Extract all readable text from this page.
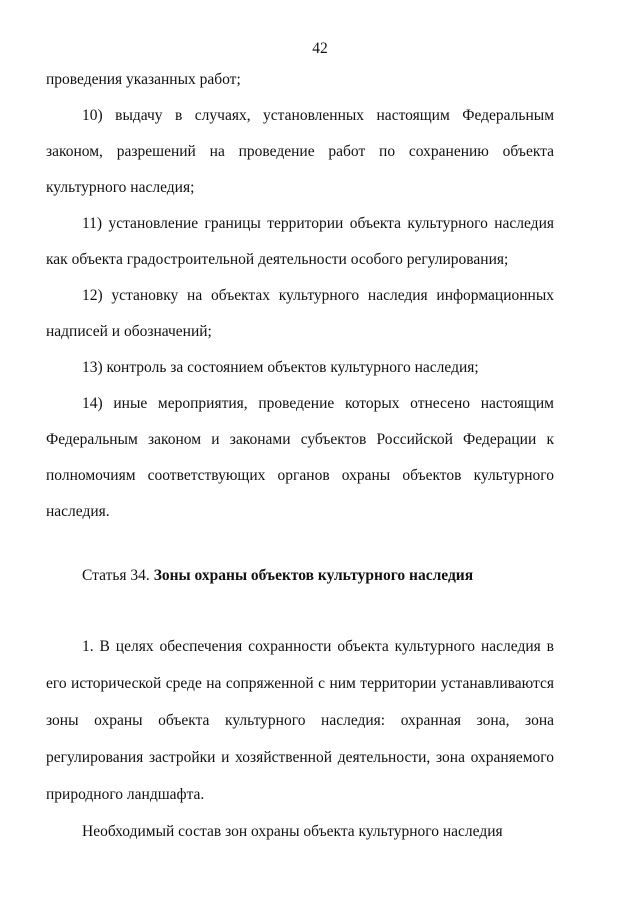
42

проведения указанных работ;

10) выдачу в случаях, установленных настоящим Федеральным законом, разрешений на проведение работ по сохранению объекта культурного наследия;

11) установление границы территории объекта культурного наследия как объекта градостроительной деятельности особого регулирования;

12) установку на объектах культурного наследия информационных надписей и обозначений;

13) контроль за состоянием объектов культурного наследия;

14) иные мероприятия, проведение которых отнесено настоящим Федеральным законом и законами субъектов Российской Федерации к полномочиям соответствующих органов охраны объектов культурного наследия.

Статья 34. Зоны охраны объектов культурного наследия

1. В целях обеспечения сохранности объекта культурного наследия в его исторической среде на сопряженной с ним территории устанавливаются зоны охраны объекта культурного наследия: охранная зона, зона регулирования застройки и хозяйственной деятельности, зона охраняемого природного ландшафта.

Необходимый состав зон охраны объекта культурного наследия
